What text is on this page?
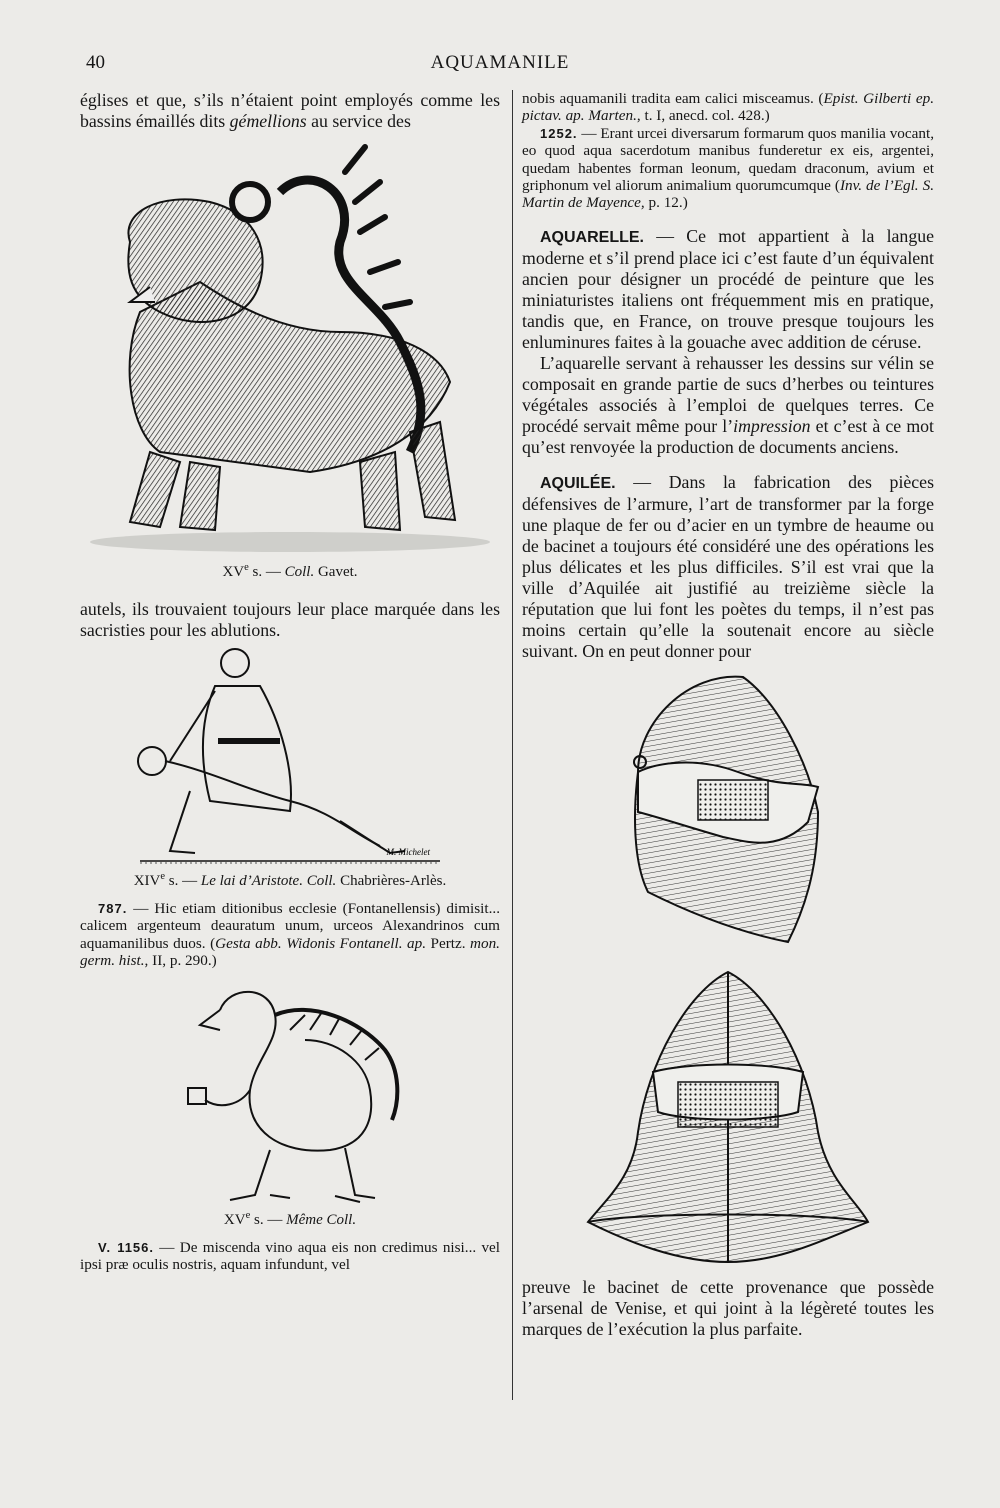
40	AQUAMANILE

églises et que, s’ils n’étaient point employés comme les bassins émaillés dits gémellions au service des

XVe s. — Coll. Gavet.

autels, ils trouvaient toujours leur place marquée dans les sacristies pour les ablutions.

M. Michelet

XIVe s. — Le lai d’Aristote. Coll. Chabrières-Arlès.

787. — Hic etiam ditionibus ecclesie (Fontanellensis) dimisit... calicem argenteum deauratum unum, urceos Alexandrinos cum aquamanilibus duos. (Gesta abb. Widonis Fontanell. ap. Pertz. mon. germ. hist., II, p. 290.)

XVe s. — Même Coll.

V. 1156. — De miscenda vino aqua eis non credimus nisi... vel ipsi præ oculis nostris, aquam infundunt, vel

nobis aquamanili tradita eam calici misceamus. (Epist. Gilberti ep. pictav. ap. Marten., t. I, anecd. col. 428.)

1252. — Erant urcei diversarum formarum quos manilia vocant, eo quod aqua sacerdotum manibus funderetur ex eis, argentei, quedam habentes forman leonum, quedam draconum, avium et griphonum vel aliorum animalium quorumcumque (Inv. de l’Egl. S. Martin de Mayence, p. 12.)

AQUARELLE. — Ce mot appartient à la langue moderne et s’il prend place ici c’est faute d’un équivalent ancien pour désigner un procédé de peinture que les miniaturistes italiens ont fréquemment mis en pratique, tandis que, en France, on trouve presque toujours les enluminures faites à la gouache avec addition de céruse.

L’aquarelle servant à rehausser les dessins sur vélin se composait en grande partie de sucs d’herbes ou teintures végétales associés à l’emploi de quelques terres. Ce procédé servait même pour l’impression et c’est à ce mot qu’est renvoyée la production de documents anciens.

AQUILÉE. — Dans la fabrication des pièces défensives de l’armure, l’art de transformer par la forge une plaque de fer ou d’acier en un tymbre de heaume ou de bacinet a toujours été considéré une des opérations les plus délicates et les plus difficiles. S’il est vrai que la ville d’Aquilée ait justifié au treizième siècle la réputation que lui font les poètes du temps, il n’est pas moins certain qu’elle la soutenait encore au siècle suivant. On en peut donner pour

preuve le bacinet de cette provenance que possède l’arsenal de Venise, et qui joint à la légèreté toutes les marques de l’exécution la plus parfaite.
